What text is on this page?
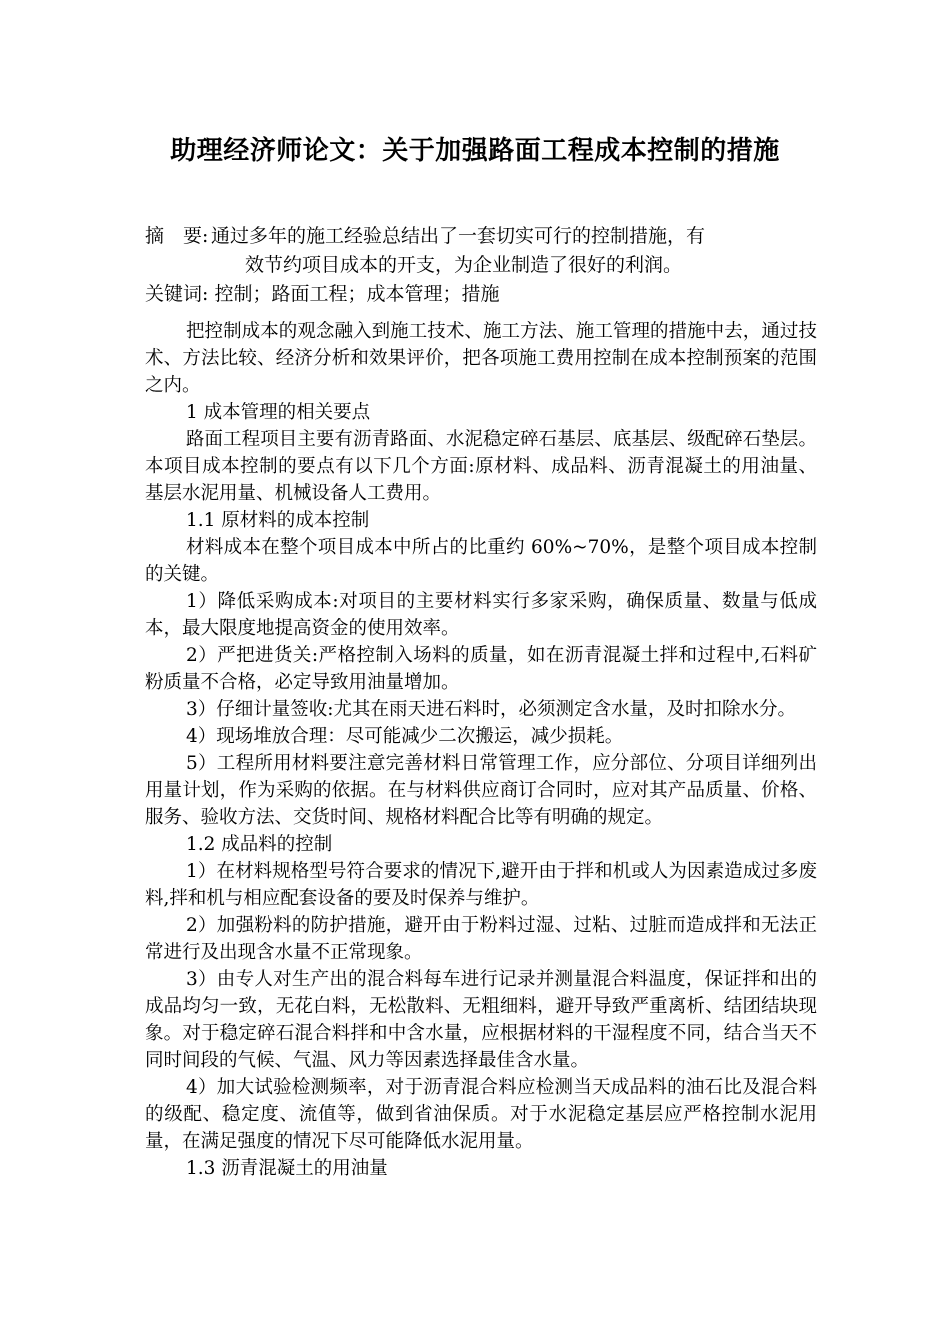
助理经济师论文：关于加强路面工程成本控制的措施
摘　要: 通过多年的施工经验总结出了一套切实可行的控制措施，有
效节约项目成本的开支，为企业制造了很好的利润。
关键词: 控制；路面工程；成本管理；措施

把控制成本的观念融入到施工技术、施工方法、施工管理的措施中去，通过技术、方法比较、经济分析和效果评价，把各项施工费用控制在成本控制预案的范围之内。

1 成本管理的相关要点

路面工程项目主要有沥青路面、水泥稳定碎石基层、底基层、级配碎石垫层。本项目成本控制的要点有以下几个方面:原材料、成品料、沥青混凝土的用油量、基层水泥用量、机械设备人工费用。

1.1 原材料的成本控制

材料成本在整个项目成本中所占的比重约 60%~70%，是整个项目成本控制的关键。

1）降低采购成本:对项目的主要材料实行多家采购，确保质量、数量与低成本，最大限度地提高资金的使用效率。

2）严把进货关:严格控制入场料的质量，如在沥青混凝土拌和过程中,石料矿粉质量不合格，必定导致用油量增加。

3）仔细计量签收:尤其在雨天进石料时，必须测定含水量，及时扣除水分。

4）现场堆放合理：尽可能减少二次搬运，减少损耗。

5）工程所用材料要注意完善材料日常管理工作，应分部位、分项目详细列出用量计划，作为采购的依据。在与材料供应商订合同时，应对其产品质量、价格、服务、验收方法、交货时间、规格材料配合比等有明确的规定。

1.2 成品料的控制

1）在材料规格型号符合要求的情况下,避开由于拌和机或人为因素造成过多废料,拌和机与相应配套设备的要及时保养与维护。

2）加强粉料的防护措施，避开由于粉料过湿、过粘、过脏而造成拌和无法正常进行及出现含水量不正常现象。

3）由专人对生产出的混合料每车进行记录并测量混合料温度，保证拌和出的成品均匀一致，无花白料，无松散料、无粗细料，避开导致严重离析、结团结块现象。对于稳定碎石混合料拌和中含水量，应根据材料的干湿程度不同，结合当天不同时间段的气候、气温、风力等因素选择最佳含水量。

4）加大试验检测频率，对于沥青混合料应检测当天成品料的油石比及混合料的级配、稳定度、流值等，做到省油保质。对于水泥稳定基层应严格控制水泥用量，在满足强度的情况下尽可能降低水泥用量。

1.3 沥青混凝土的用油量
